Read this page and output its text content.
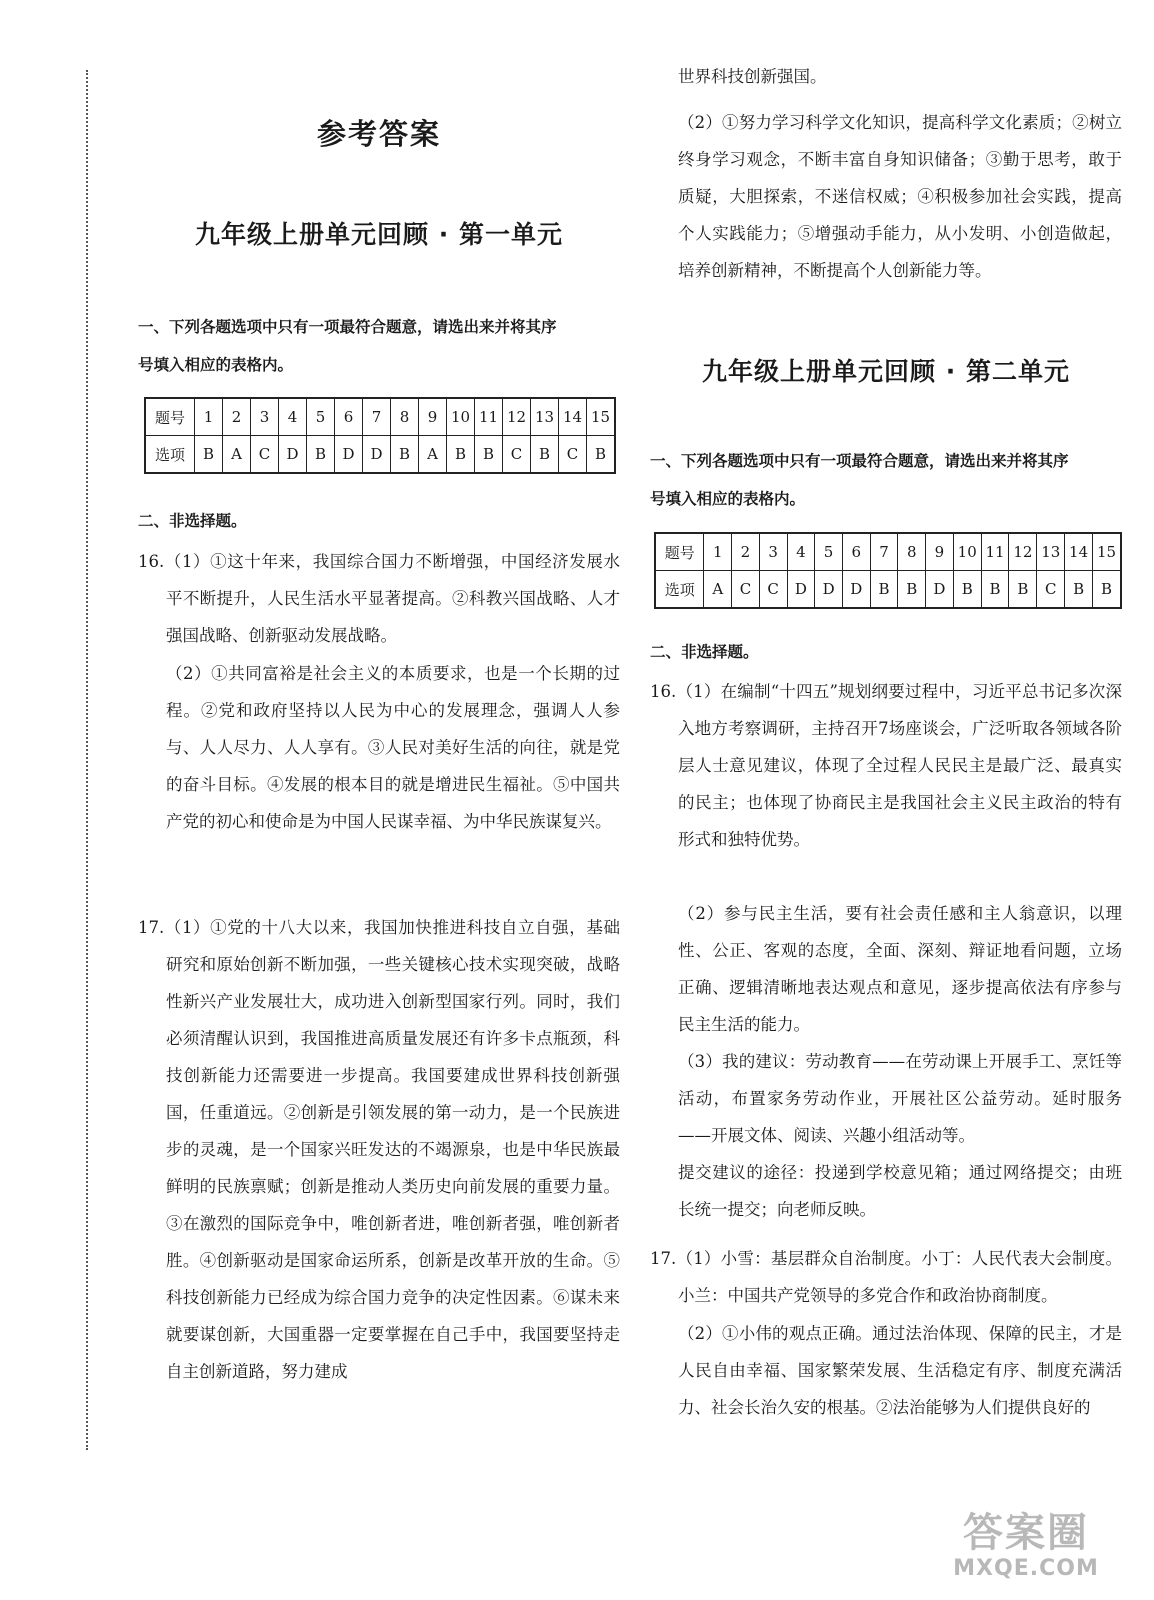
参考答案
九年级上册单元回顾 · 第一单元
一、下列各题选项中只有一项最符合题意，请选出来并将其序
号填入相应的表格内。
题号	1	2	3	4	5	6	7	8	9	10	11	12	13	14	15
选项	B	A	C	D	B	D	D	B	A	B	B	C	B	C	B
二、非选择题。
16.（1）①这十年来，我国综合国力不断增强，中国经济发展水平不断提升，人民生活水平显著提高。②科教兴国战略、人才强国战略、创新驱动发展战略。
（2）①共同富裕是社会主义的本质要求，也是一个长期的过程。②党和政府坚持以人民为中心的发展理念，强调人人参与、人人尽力、人人享有。③人民对美好生活的向往，就是党的奋斗目标。④发展的根本目的就是增进民生福祉。⑤中国共产党的初心和使命是为中国人民谋幸福、为中华民族谋复兴。
17.（1）①党的十八大以来，我国加快推进科技自立自强，基础研究和原始创新不断加强，一些关键核心技术实现突破，战略性新兴产业发展壮大，成功进入创新型国家行列。同时，我们必须清醒认识到，我国推进高质量发展还有许多卡点瓶颈，科技创新能力还需要进一步提高。我国要建成世界科技创新强国，任重道远。②创新是引领发展的第一动力，是一个民族进步的灵魂，是一个国家兴旺发达的不竭源泉，也是中华民族最鲜明的民族禀赋；创新是推动人类历史向前发展的重要力量。③在激烈的国际竞争中，唯创新者进，唯创新者强，唯创新者胜。④创新驱动是国家命运所系，创新是改革开放的生命。⑤科技创新能力已经成为综合国力竞争的决定性因素。⑥谋未来就要谋创新，大国重器一定要掌握在自己手中，我国要坚持走自主创新道路，努力建成
世界科技创新强国。
（2）①努力学习科学文化知识，提高科学文化素质；②树立终身学习观念，不断丰富自身知识储备；③勤于思考，敢于质疑，大胆探索，不迷信权威；④积极参加社会实践，提高个人实践能力；⑤增强动手能力，从小发明、小创造做起，培养创新精神，不断提高个人创新能力等。
九年级上册单元回顾 · 第二单元
一、下列各题选项中只有一项最符合题意，请选出来并将其序
号填入相应的表格内。
题号	1	2	3	4	5	6	7	8	9	10	11	12	13	14	15
选项	A	C	C	D	D	D	B	B	D	B	B	B	C	B	B
二、非选择题。
16.（1）在编制“十四五”规划纲要过程中，习近平总书记多次深入地方考察调研，主持召开7场座谈会，广泛听取各领域各阶层人士意见建议，体现了全过程人民民主是最广泛、最真实的民主；也体现了协商民主是我国社会主义民主政治的特有形式和独特优势。
（2）参与民主生活，要有社会责任感和主人翁意识，以理性、公正、客观的态度，全面、深刻、辩证地看问题，立场正确、逻辑清晰地表达观点和意见，逐步提高依法有序参与民主生活的能力。
（3）我的建议：劳动教育——在劳动课上开展手工、烹饪等活动，布置家务劳动作业，开展社区公益劳动。延时服务——开展文体、阅读、兴趣小组活动等。
提交建议的途径：投递到学校意见箱；通过网络提交；由班长统一提交；向老师反映。
17.（1）小雪：基层群众自治制度。小丁：人民代表大会制度。小兰：中国共产党领导的多党合作和政治协商制度。
（2）①小伟的观点正确。通过法治体现、保障的民主，才是人民自由幸福、国家繁荣发展、生活稳定有序、制度充满活力、社会长治久安的根基。②法治能够为人们提供良好的
答案圈
MXQE.COM
